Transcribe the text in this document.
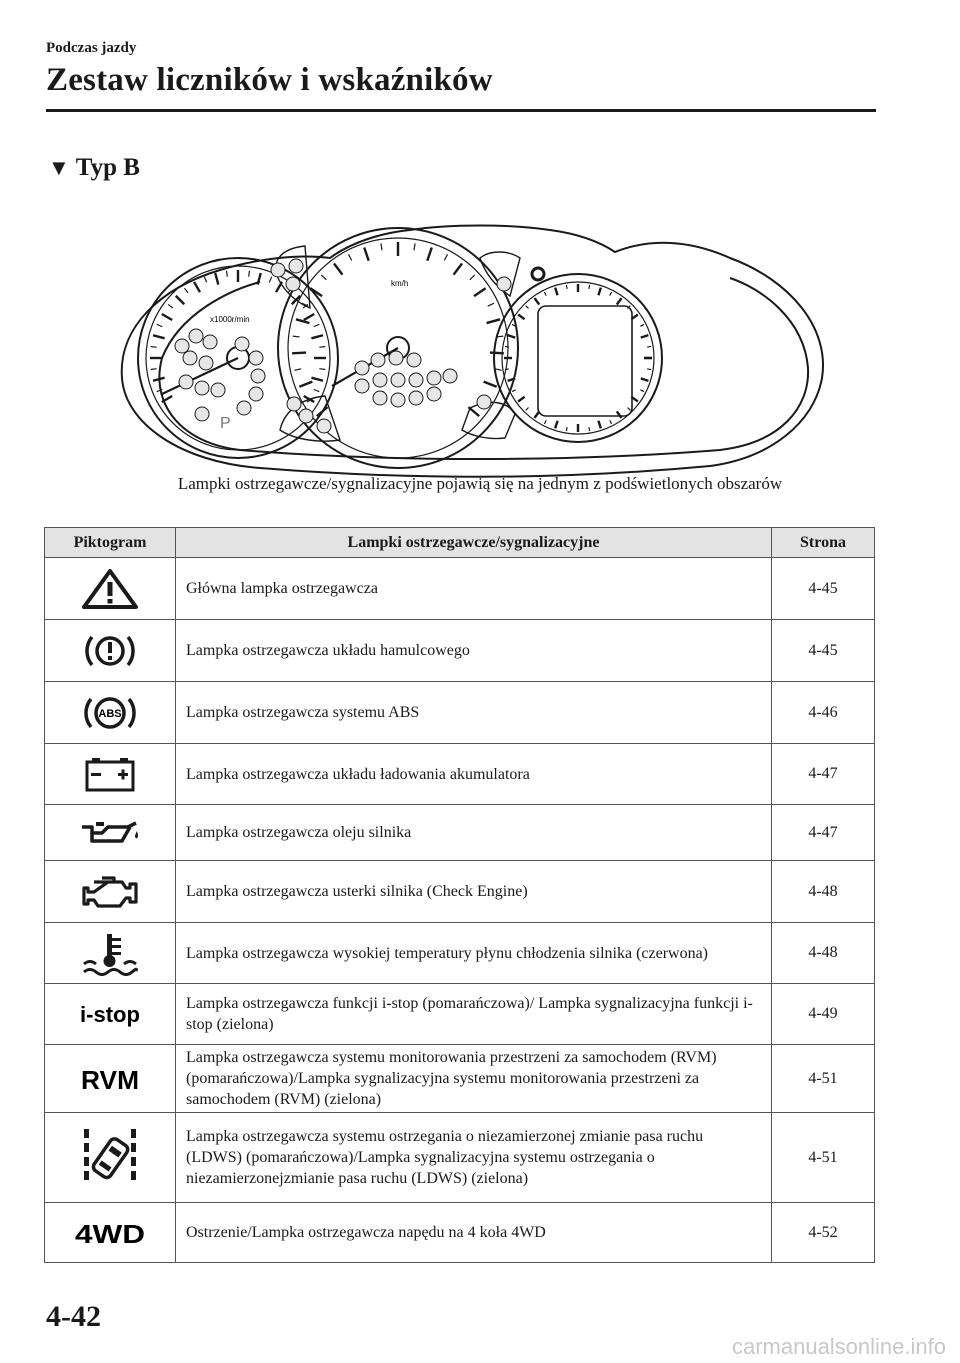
Podczas jazdy
Zestaw liczników i wskaźników
▼ Typ B
x1000r/min
km/h
P
Lampki ostrzegawcze/sygnalizacyjne pojawią się na jednym z podświetlonych obszarów
Piktogram	Lampki ostrzegawcze/sygnalizacyjne	Strona
	Główna lampka ostrzegawcza	4-45
	Lampka ostrzegawcza układu hamulcowego	4-45

ABS	Lampka ostrzegawcza systemu ABS	4-46
	Lampka ostrzegawcza układu ładowania akumulatora	4-47
	Lampka ostrzegawcza oleju silnika	4-47
	Lampka ostrzegawcza usterki silnika (Check Engine)	4-48
	Lampka ostrzegawcza wysokiej temperatury płynu chłodzenia silnika (czerwona)	4-48

i-stop	Lampka ostrzegawcza funkcji i-stop (pomarańczowa)/ Lampka sygnalizacyjna funkcji i-stop (zielona)	4-49

RVM	Lampka ostrzegawcza systemu monitorowania przestrzeni za samochodem (RVM) (pomarańczowa)/Lampka sygnalizacyjna systemu monitorowania przestrzeni za samochodem (RVM) (zielona)	4-51
	Lampka ostrzegawcza systemu ostrzegania o niezamierzonej zmianie pasa ruchu (LDWS) (pomarańczowa)/Lampka sygnalizacyjna systemu ostrzegania o niezamierzonejzmianie pasa ruchu (LDWS) (zielona)	4-51

4WD	Ostrzenie/Lampka ostrzegawcza napędu na 4 koła 4WD	4-52
4-42
carmanualsonline.info
